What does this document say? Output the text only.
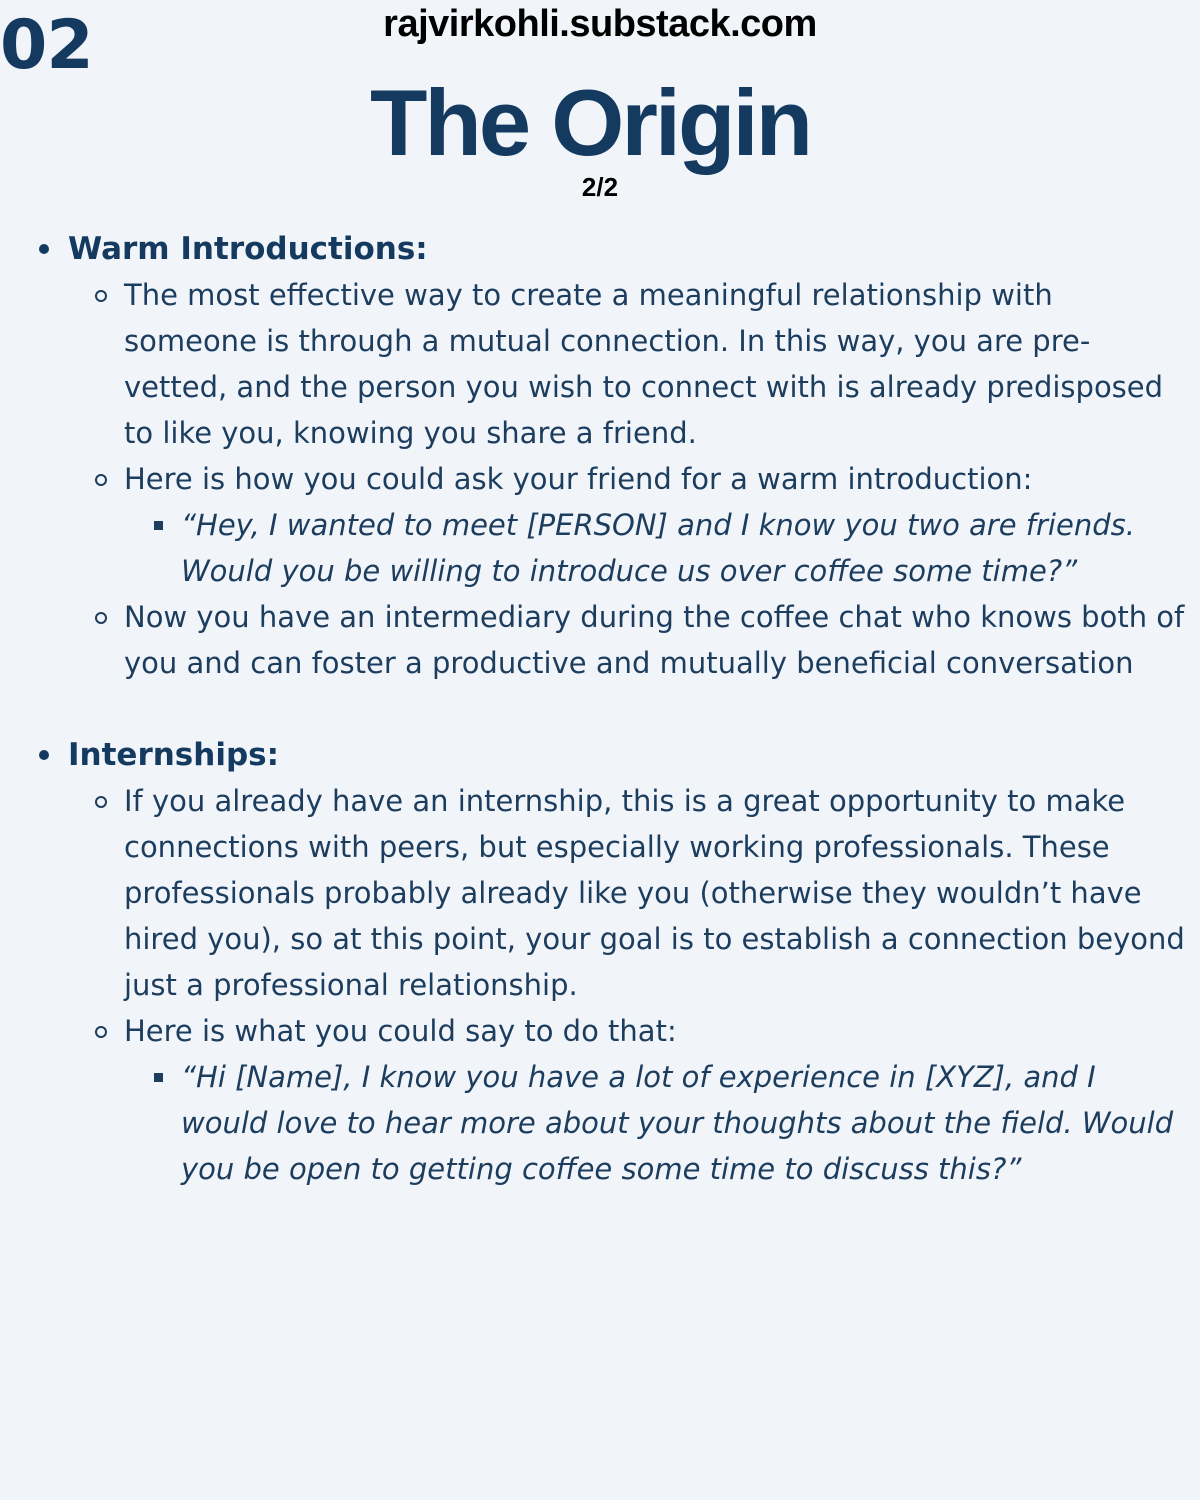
02	rajvirkohli.substack.com
The Origin
2/2
Warm Introductions:
The most effective way to create a meaningful relationship with someone is through a mutual connection. In this way, you are pre-vetted, and the person you wish to connect with is already predisposed to like you, knowing you share a friend.
Here is how you could ask your friend for a warm introduction:
“Hey, I wanted to meet [PERSON] and I know you two are friends. Would you be willing to introduce us over coffee some time?”
Now you have an intermediary during the coffee chat who knows both of you and can foster a productive and mutually beneficial conversation
Internships:
If you already have an internship, this is a great opportunity to make connections with peers, but especially working professionals. These professionals probably already like you (otherwise they wouldn’t have hired you), so at this point, your goal is to establish a connection beyond just a professional relationship.
Here is what you could say to do that:
“Hi [Name], I know you have a lot of experience in [XYZ], and I would love to hear more about your thoughts about the field. Would you be open to getting coffee some time to discuss this?”
